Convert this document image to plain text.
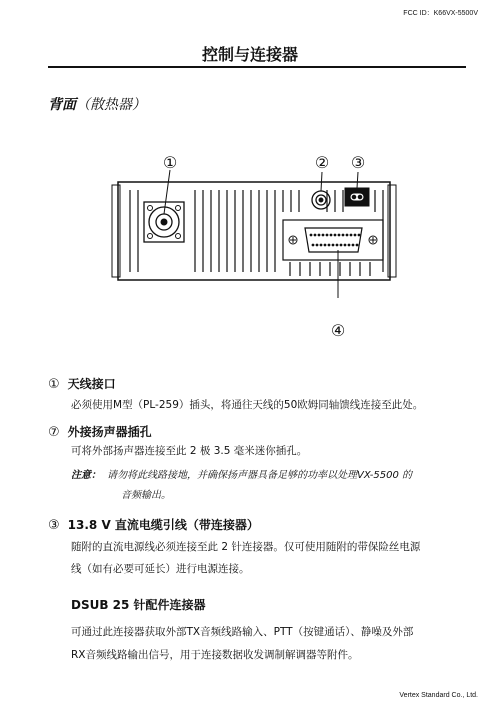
FCC ID：K66VX-5500V
控制与连接器
背面（散热器）
①	② ③
④
① 天线接口
必须使用M型（PL-259）插头，将通往天线的50欧姆同轴馈线连接至此处。
⑦ 外接扬声器插孔
可将外部扬声器连接至此 2 极 3.5 毫米迷你插孔。
注意： 请勿将此线路接地，并确保扬声器具备足够的功率以处理VX-5500 的
音频输出。
③ 13.8 V 直流电缆引线（带连接器）
随附的直流电源线必须连接至此 2 针连接器。仅可使用随附的带保险丝电源
线（如有必要可延长）进行电源连接。
DSUB 25 针配件连接器
可通过此连接器获取外部TX音频线路输入、PTT（按键通话）、静噪及外部
RX音频线路输出信号，用于连接数据收发调制解调器等附件。
Vertex Standard Co., Ltd.
